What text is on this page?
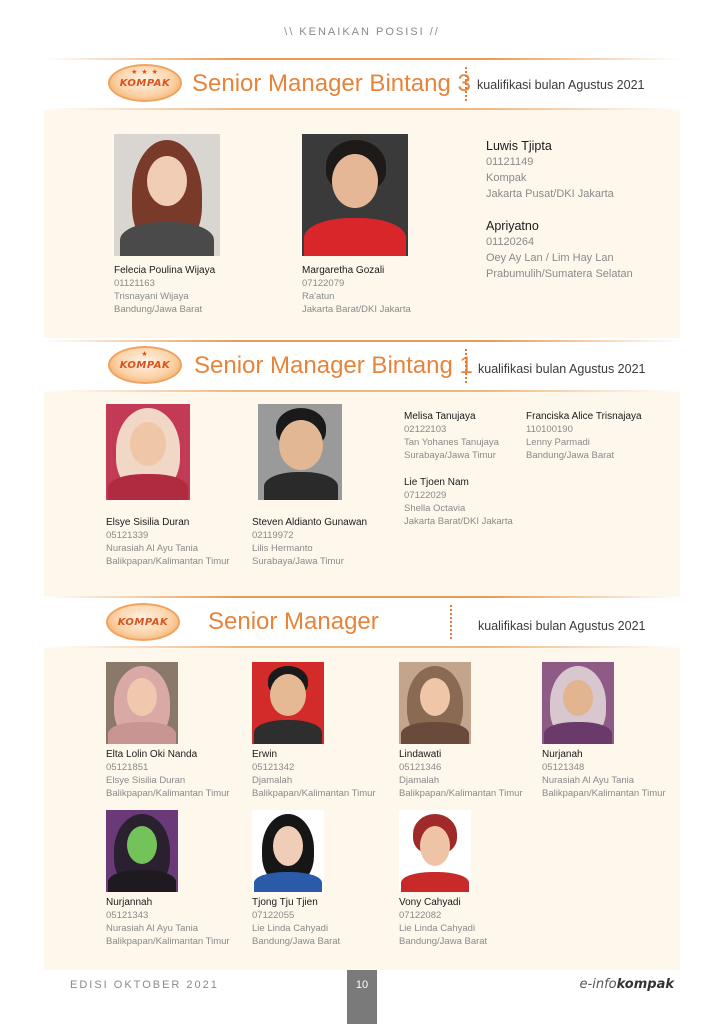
\\ KENAIKAN POSISI //
★ ★ ★
KOMPAK Senior Manager Bintang 3 kualifikasi bulan Agustus 2021
Felecia Poulina Wijaya
01121163
Trisnayani Wijaya
Bandung/Jawa Barat
Margaretha Gozali
07122079
Ra'atun
Jakarta Barat/DKI Jakarta
Luwis Tjipta
01121149
Kompak
Jakarta Pusat/DKI Jakarta
Apriyatno
01120264
Oey Ay Lan / Lim Hay Lan
Prabumulih/Sumatera Selatan
★
KOMPAK Senior Manager Bintang 1 kualifikasi bulan Agustus 2021
Elsye Sisilia Duran
05121339
Nurasiah Al Ayu Tania
Balikpapan/Kalimantan Timur
Steven Aldianto Gunawan
02119972
Lilis Hermanto
Surabaya/Jawa Timur
Melisa Tanujaya
02122103
Tan Yohanes Tanujaya
Surabaya/Jawa Timur
Franciska Alice Trisnajaya
110100190
Lenny Parmadi
Bandung/Jawa Barat
Lie Tjoen Nam
07122029
Shella Octavia
Jakarta Barat/DKI Jakarta
KOMPAK Senior Manager	kualifikasi bulan Agustus 2021
Elta Lolin Oki Nanda
05121851
Elsye Sisilia Duran
Balikpapan/Kalimantan Timur
Erwin
05121342
Djamalah
Balikpapan/Kalimantan Timur
Lindawati
05121346
Djamalah
Balikpapan/Kalimantan Timur
Nurjanah
05121348
Nurasiah Al Ayu Tania
Balikpapan/Kalimantan Timur
Nurjannah
05121343
Nurasiah Al Ayu Tania
Balikpapan/Kalimantan Timur
Tjong Tju Tjien
07122055
Lie Linda Cahyadi
Bandung/Jawa Barat
Vony Cahyadi
07122082
Lie Linda Cahyadi
Bandung/Jawa Barat
EDISI OKTOBER 2021	10	e-infokompak
